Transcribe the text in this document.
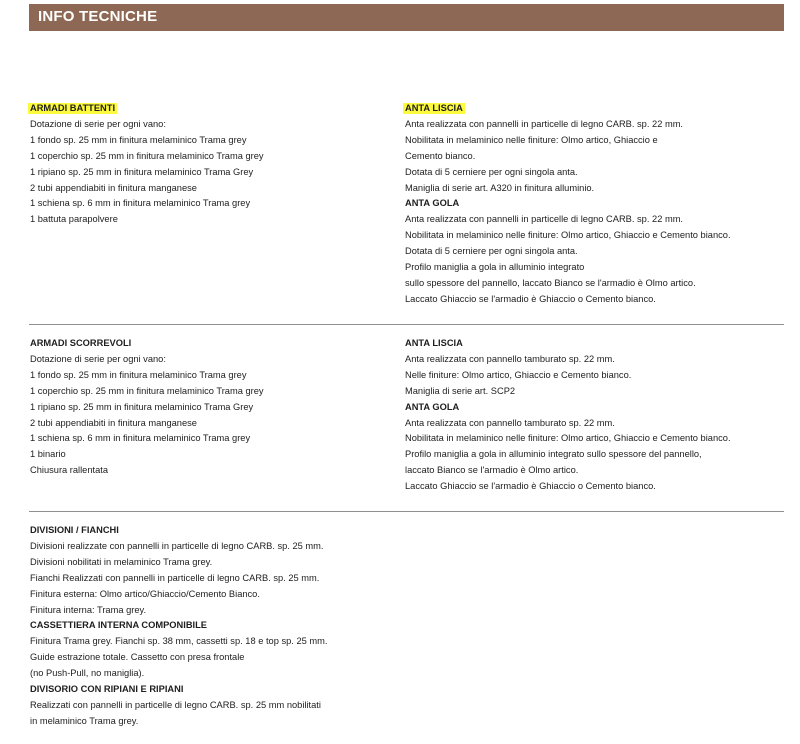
INFO TECNICHE
ARMADI BATTENTI
Dotazione di serie per ogni vano:
1 fondo sp. 25 mm in finitura melaminico Trama grey
1 coperchio sp. 25 mm in finitura melaminico Trama grey
1 ripiano sp. 25 mm in finitura melaminico Trama Grey
2 tubi appendiabiti in finitura manganese
1 schiena sp. 6 mm in finitura melaminico Trama grey
1 battuta parapolvere
ANTA LISCIA
Anta realizzata con pannelli in particelle di legno CARB. sp. 22 mm.
Nobilitata in melaminico nelle finiture: Olmo artico, Ghiaccio e
Cemento bianco.
Dotata di 5 cerniere per ogni singola anta.
Maniglia di serie art. A320 in finitura alluminio.
ANTA GOLA
Anta realizzata con pannelli in particelle di legno CARB. sp. 22 mm.
Nobilitata in melaminico nelle finiture: Olmo artico, Ghiaccio e Cemento bianco.
Dotata di 5 cerniere per ogni singola anta.
Profilo maniglia a gola in alluminio integrato
sullo spessore del pannello, laccato Bianco se l'armadio è Olmo artico.
Laccato Ghiaccio se l'armadio è Ghiaccio o Cemento bianco.
ARMADI SCORREVOLI
Dotazione di serie per ogni vano:
1 fondo sp. 25 mm in finitura melaminico Trama grey
1 coperchio sp. 25 mm in finitura melaminico Trama grey
1 ripiano sp. 25 mm in finitura melaminico Trama Grey
2 tubi appendiabiti in finitura manganese
1 schiena sp. 6 mm in finitura melaminico Trama grey
1 binario
Chiusura rallentata
ANTA LISCIA
Anta realizzata con pannello tamburato sp. 22 mm.
Nelle finiture: Olmo artico, Ghiaccio e Cemento bianco.
Maniglia di serie art. SCP2
ANTA GOLA
Anta realizzata con pannello tamburato sp. 22 mm.
Nobilitata in melaminico nelle finiture: Olmo artico, Ghiaccio e Cemento bianco.
Profilo maniglia a gola in alluminio integrato sullo spessore del pannello,
laccato Bianco se l'armadio è Olmo artico.
Laccato Ghiaccio se l'armadio è Ghiaccio o Cemento bianco.
DIVISIONI / FIANCHI
Divisioni realizzate con pannelli in particelle di legno CARB. sp. 25 mm.
Divisioni nobilitati in melaminico Trama grey.
Fianchi Realizzati con pannelli in particelle di legno CARB. sp. 25 mm.
Finitura esterna: Olmo artico/Ghiaccio/Cemento Bianco.
Finitura interna: Trama grey.
CASSETTIERA INTERNA COMPONIBILE
Finitura Trama grey. Fianchi sp. 38 mm, cassetti sp. 18 e top sp. 25 mm.
Guide estrazione totale. Cassetto con presa frontale
(no Push-Pull, no maniglia).
DIVISORIO CON RIPIANI E RIPIANI
Realizzati con pannelli in particelle di legno CARB. sp. 25 mm nobilitati
in melaminico Trama grey.
